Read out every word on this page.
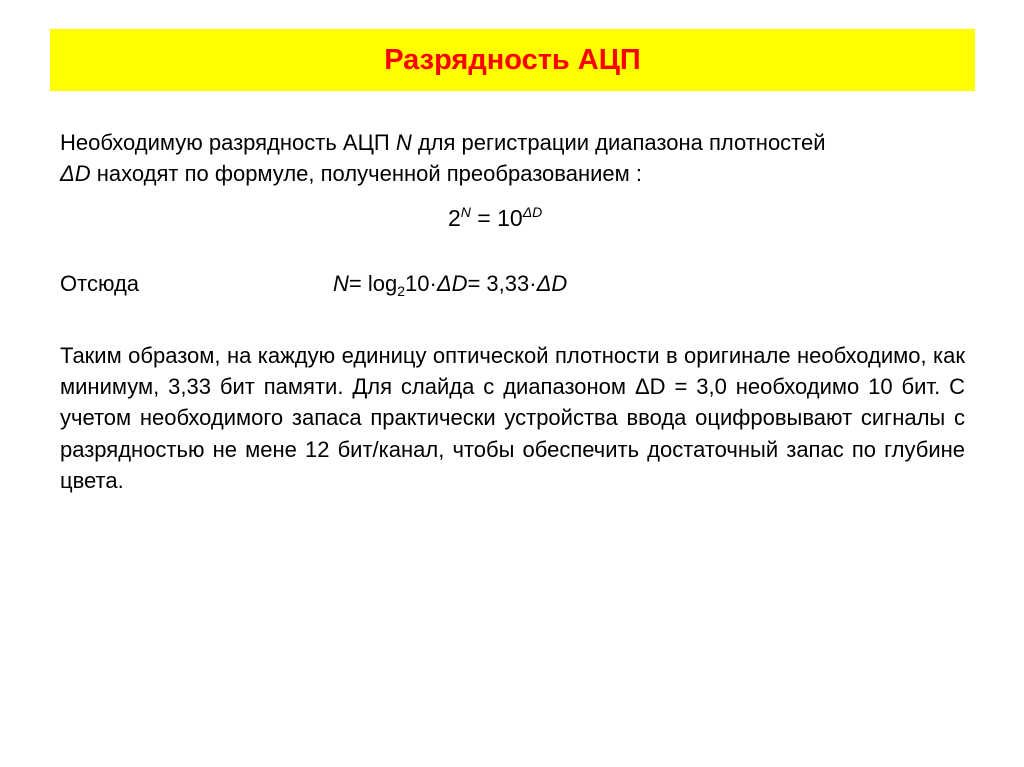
Разрядность АЦП
Необходимую разрядность АЦП N для регистрации диапазона плотностей
ΔD находят по формуле, полученной преобразованием :
$2^N = 10^{\Delta D}$
Отсюда	$N= \log_210\cdot\Delta D= 3,33\cdot\Delta D$
Таким образом, на каждую единицу оптической плотности в оригинале необходимо, как минимум, 3,33 бит памяти. Для слайда с диапазоном ΔD = 3,0 необходимо 10 бит. С учетом необходимого запаса практически устройства ввода оцифровывают сигналы с разрядностью не мене 12 бит/канал, чтобы обеспечить достаточный запас по глубине цвета.
